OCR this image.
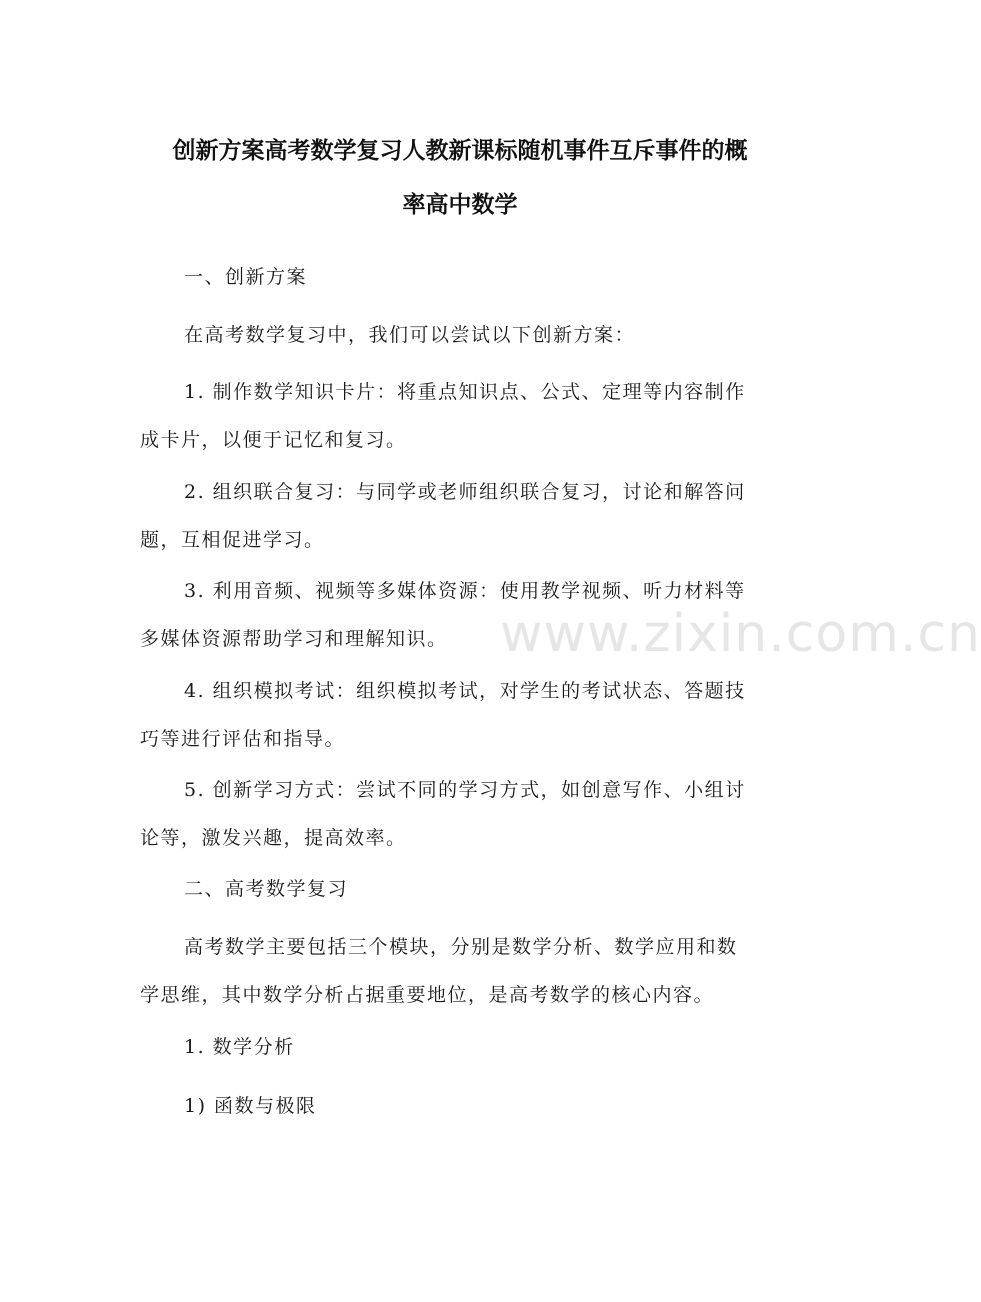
创新方案高考数学复习人教新课标随机事件互斥事件的概
率高中数学
www.zixin.com.cn

一、创新方案

在高考数学复习中，我们可以尝试以下创新方案：

1. 制作数学知识卡片：将重点知识点、公式、定理等内容制作
成卡片，以便于记忆和复习。

2. 组织联合复习：与同学或老师组织联合复习，讨论和解答问
题，互相促进学习。

3. 利用音频、视频等多媒体资源：使用教学视频、听力材料等
多媒体资源帮助学习和理解知识。

4. 组织模拟考试：组织模拟考试，对学生的考试状态、答题技
巧等进行评估和指导。

5. 创新学习方式：尝试不同的学习方式，如创意写作、小组讨
论等，激发兴趣，提高效率。

二、高考数学复习

高考数学主要包括三个模块，分别是数学分析、数学应用和数
学思维，其中数学分析占据重要地位，是高考数学的核心内容。

1. 数学分析

1) 函数与极限
